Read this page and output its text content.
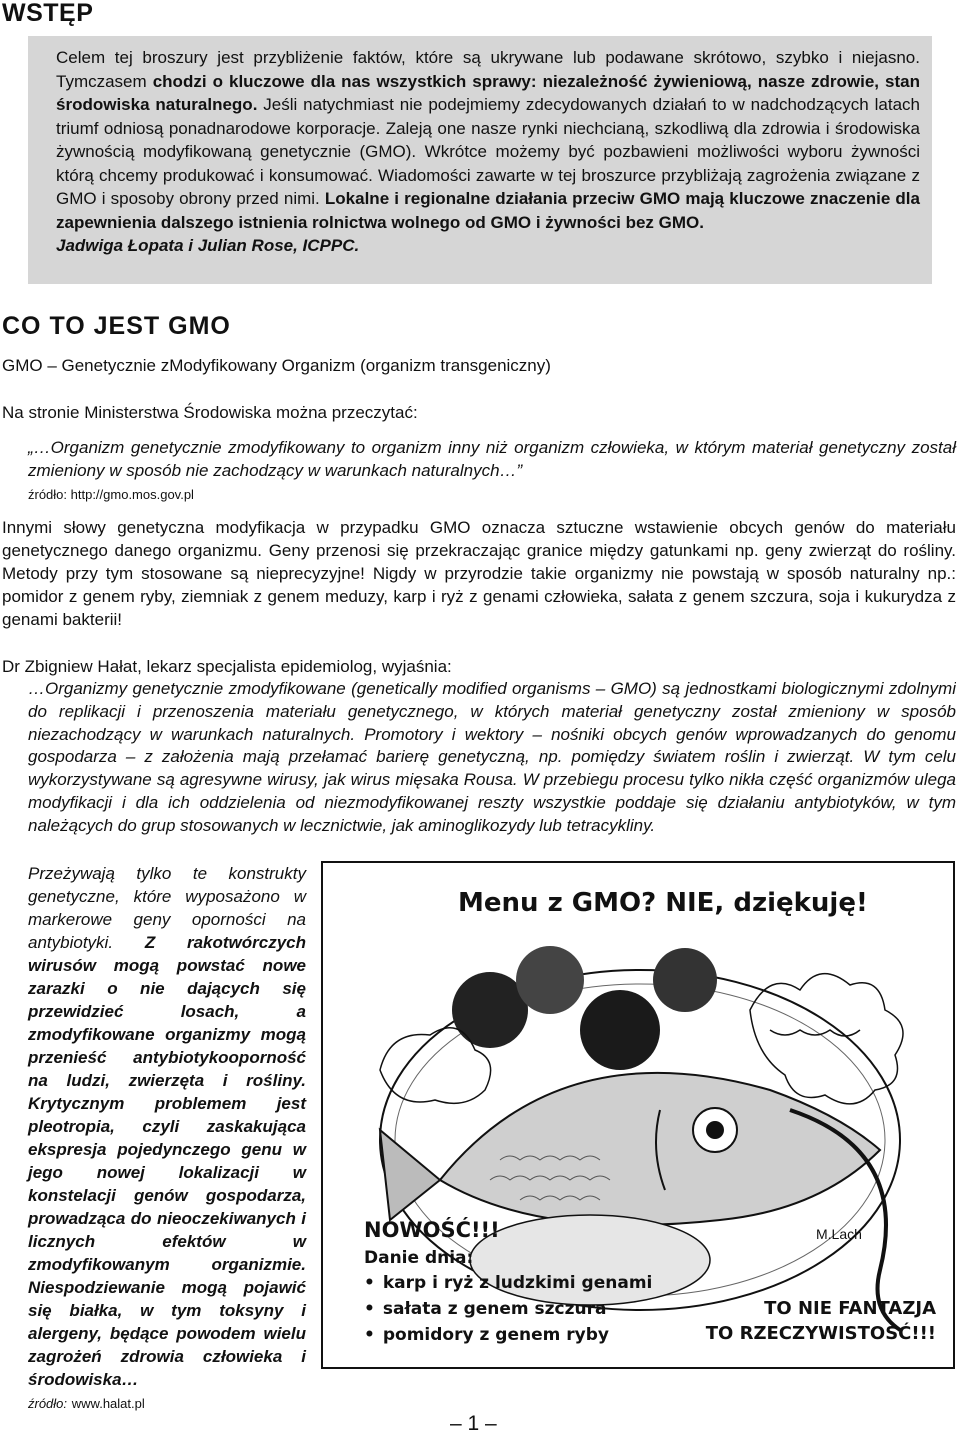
WSTĘP
Celem tej broszury jest przybliżenie faktów, które są ukrywane lub podawane skrótowo, szybko i niejasno. Tymczasem chodzi o kluczowe dla nas wszystkich sprawy: niezależność żywieniową, nasze zdrowie, stan środowiska naturalnego. Jeśli natychmiast nie podejmiemy zdecydowanych działań to w nadchodzących latach triumf odniosą ponadnarodowe korporacje. Zaleją one nasze rynki niechcianą, szkodliwą dla zdrowia i środowiska żywnością modyfikowaną genetycznie (GMO). Wkrótce możemy być pozbawieni możliwości wyboru żywności którą chcemy produkować i konsumować. Wiadomości zawarte w tej broszurce przybliżają zagrożenia związane z GMO i sposoby obrony przed nimi. Lokalne i regionalne działania przeciw GMO mają kluczowe znaczenie dla zapewnienia dalszego istnienia rolnictwa wolnego od GMO i żywności bez GMO.
Jadwiga Łopata i Julian Rose, ICPPC.
CO TO JEST GMO
GMO – Genetycznie zModyfikowany Organizm (organizm transgeniczny)
Na stronie Ministerstwa Środowiska można przeczytać:
„…Organizm genetycznie zmodyfikowany to organizm inny niż organizm człowieka, w którym materiał genetyczny został zmieniony w sposób nie zachodzący w warunkach naturalnych…”
źródło: http://gmo.mos.gov.pl
Innymi słowy genetyczna modyfikacja w przypadku GMO oznacza sztuczne wstawienie obcych genów do materiału genetycznego danego organizmu. Geny przenosi się przekraczając granice między gatunkami np. geny zwierząt do rośliny. Metody przy tym stosowane są nieprecyzyjne! Nigdy w przyrodzie takie organizmy nie powstają w sposób naturalny np.: pomidor z genem ryby, ziemniak z genem meduzy, karp i ryż z genami człowieka, sałata z genem szczura, soja i kukurydza z genami bakterii!
Dr Zbigniew Hałat, lekarz specjalista epidemiolog, wyjaśnia:
…Organizmy genetycznie zmodyfikowane (genetically modified organisms – GMO) są jednostkami biologicznymi zdolnymi do replikacji i przenoszenia materiału genetycznego, w których materiał genetyczny został zmieniony w sposób niezachodzący w warunkach naturalnych. Promotory i wektory – nośniki obcych genów wprowadzanych do genomu gospodarza – z założenia mają przełamać barierę genetyczną, np. pomiędzy światem roślin i zwierząt. W tym celu wykorzystywane są agresywne wirusy, jak wirus mięsaka Rousa. W przebiegu procesu tylko nikła część organizmów ulega modyfikacji i dla ich oddzielenia od niezmodyfikowanej reszty wszystkie poddaje się działaniu antybiotyków, w tym należących do grup stosowanych w lecznictwie, jak aminoglikozydy lub tetracykliny.
Przeżywają tylko te konstrukty genetyczne, które wyposażono w markerowe geny oporności na antybiotyki. Z rakotwórczych wirusów mogą powstać nowe zarazki o nie dających się przewidzieć losach, a zmodyfikowane organizmy mogą przenieść antybiotykooporność na ludzi, zwierzęta i rośliny. Krytycznym problemem jest pleotropia, czyli zaskakująca ekspresja pojedynczego genu w jego nowej lokalizacji w konstelacji genów gospodarza, prowadząca do nieoczekiwanych i licznych efektów w zmodyfikowanym organizmie. Niespodziewanie mogą pojawić się białka, w tym toksyny i alergeny, będące powodem wielu zagrożeń zdrowia człowieka i środowiska…
źródło: www.halat.pl
Menu z GMO? NIE, dziękuję!
NOWOŚĆ!!!
Danie dnia:
• karp i ryż z ludzkimi genami
• sałata z genem szczura
• pomidory z genem ryby
M.Lach
TO NIE FANTAZJA
TO RZECZYWISTOŚĆ!!!
– 1 –
